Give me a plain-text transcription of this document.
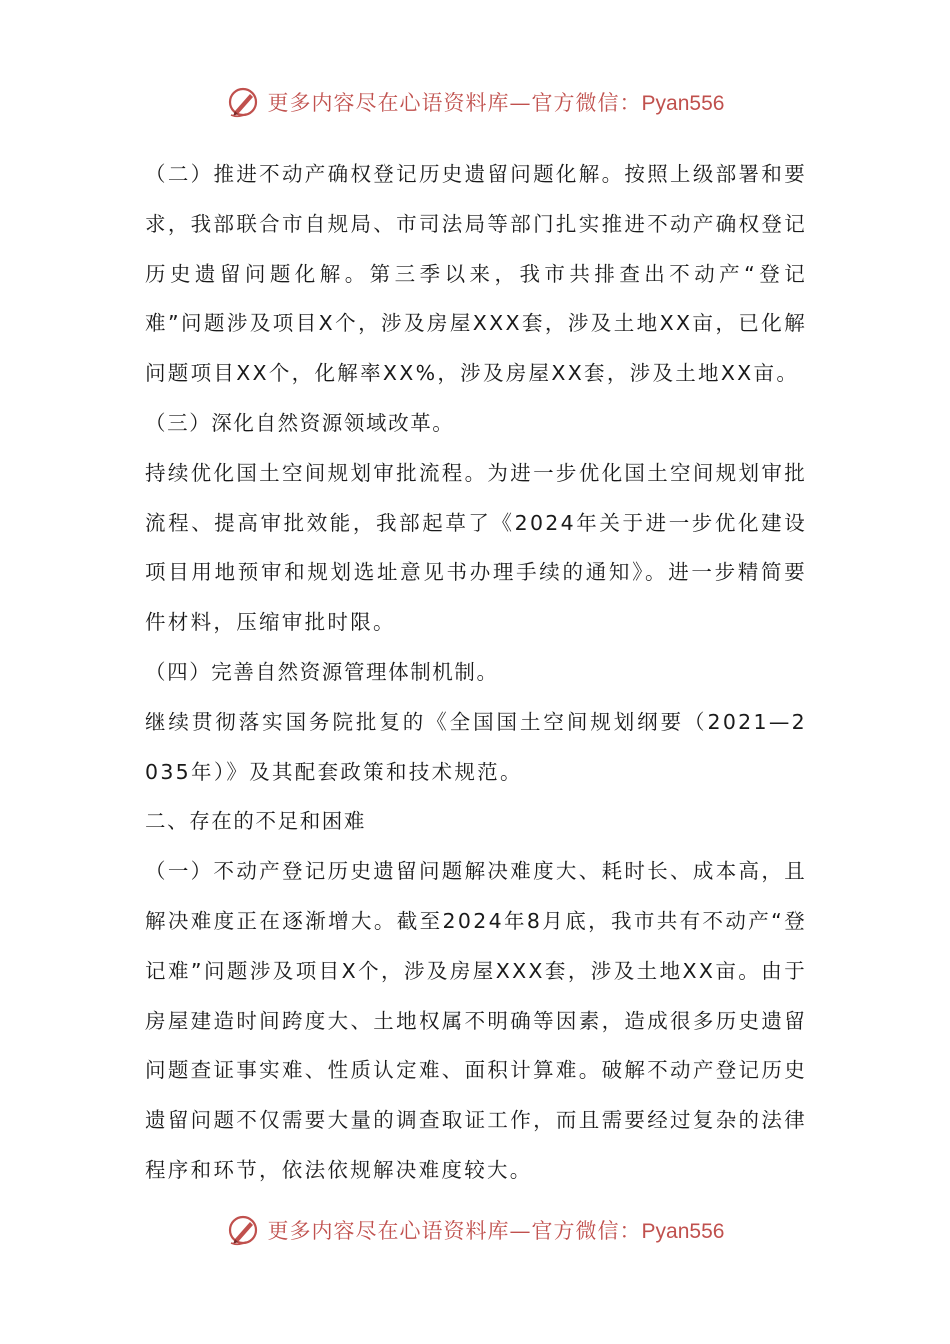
更多内容尽在心语资料库—官方微信：Pyan556

（二）推进不动产确权登记历史遗留问题化解。按照上级部署和要求，我部联合市自规局、市司法局等部门扎实推进不动产确权登记历史遗留问题化解。第三季以来，我市共排查出不动产“登记难”问题涉及项目X个，涉及房屋XXX套，涉及土地XX亩，已化解问题项目XX个，化解率XX%，涉及房屋XX套，涉及土地XX亩。

（三）深化自然资源领域改革。

持续优化国土空间规划审批流程。为进一步优化国土空间规划审批流程、提高审批效能，我部起草了《2024年关于进一步优化建设项目用地预审和规划选址意见书办理手续的通知》。进一步精简要件材料，压缩审批时限。

（四）完善自然资源管理体制机制。

继续贯彻落实国务院批复的《全国国土空间规划纲要（2021—2035年）》及其配套政策和技术规范。

二、存在的不足和困难

（一）不动产登记历史遗留问题解决难度大、耗时长、成本高，且解决难度正在逐渐增大。截至2024年8月底，我市共有不动产“登记难”问题涉及项目X个，涉及房屋XXX套，涉及土地XX亩。由于房屋建造时间跨度大、土地权属不明确等因素，造成很多历史遗留问题查证事实难、性质认定难、面积计算难。破解不动产登记历史遗留问题不仅需要大量的调查取证工作，而且需要经过复杂的法律程序和环节，依法依规解决难度较大。

更多内容尽在心语资料库—官方微信：Pyan556
